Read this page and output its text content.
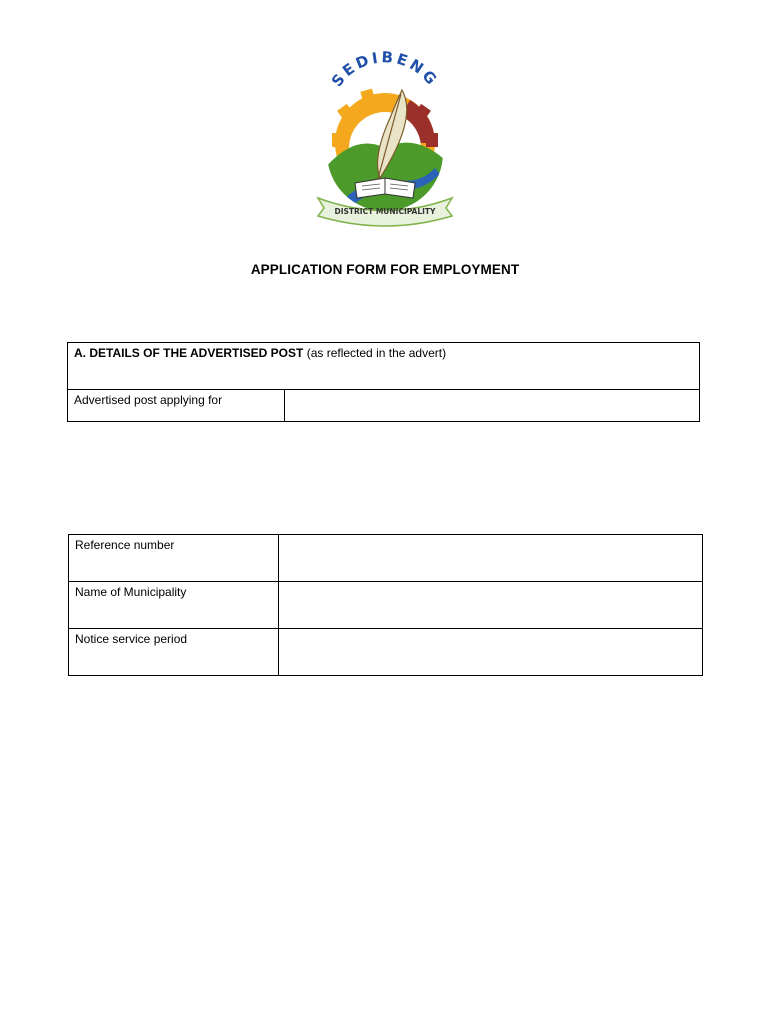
SEDIBENG
DISTRICT MUNICIPALITY
APPLICATION FORM FOR EMPLOYMENT
A. DETAILS OF THE ADVERTISED POST (as reflected in the advert)
Advertised post applying for	
Reference number	
Name of Municipality	
Notice service period	
